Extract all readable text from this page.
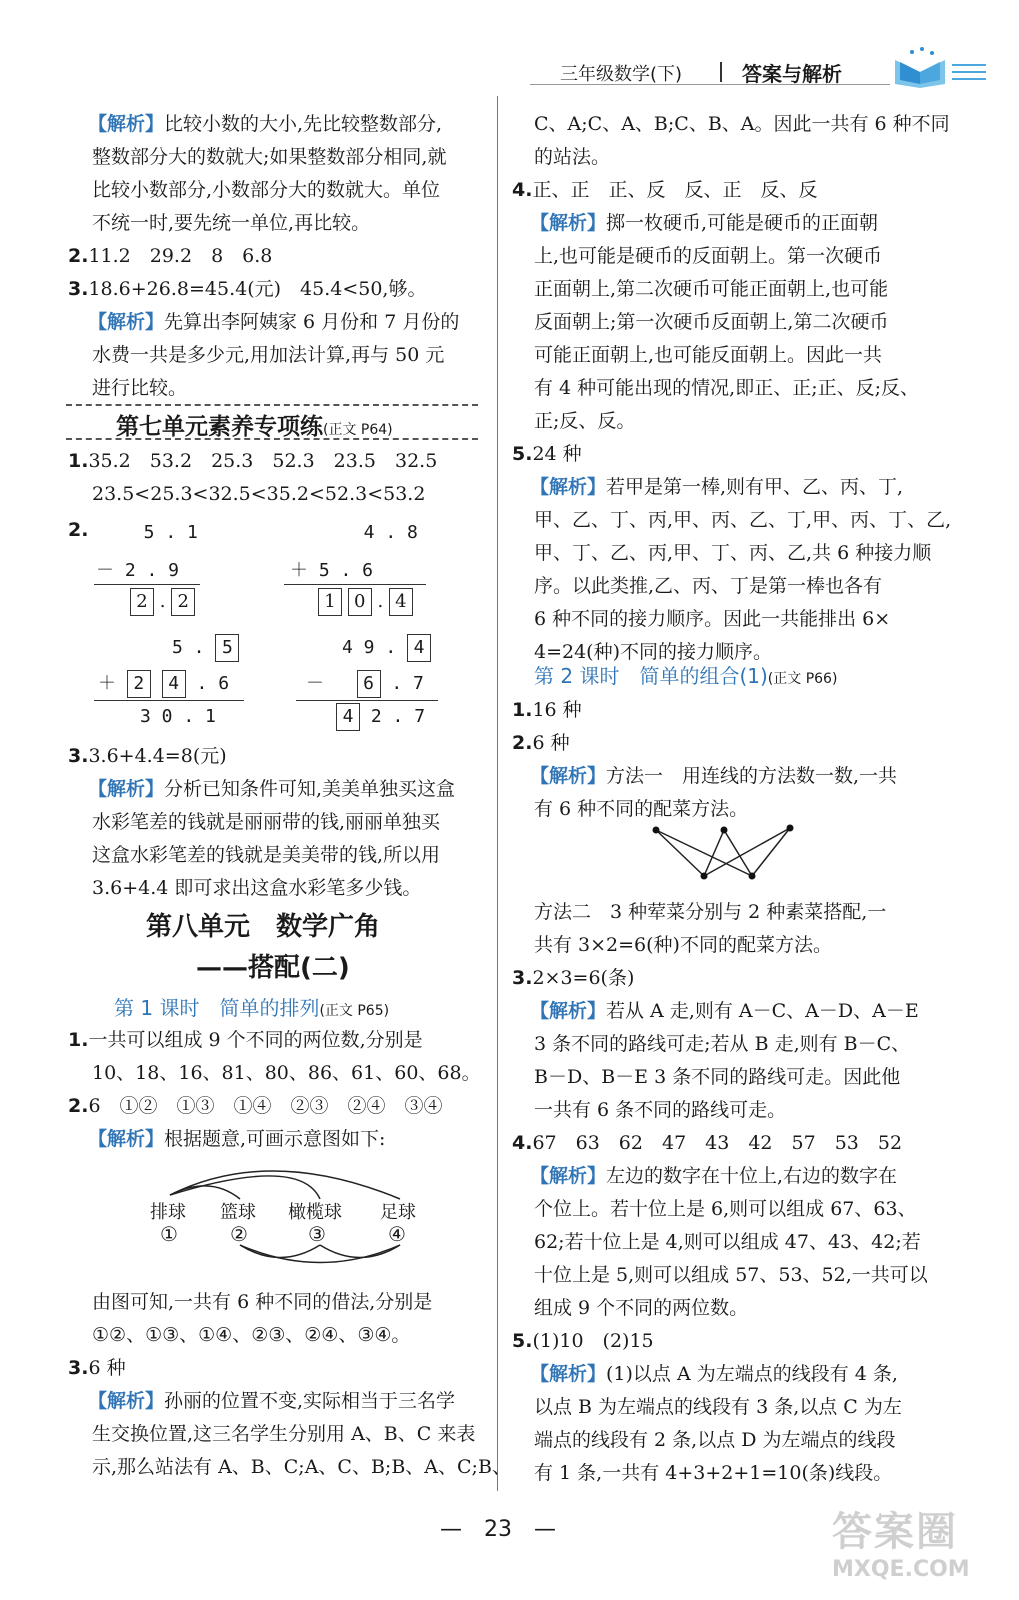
三年级数学(下)	答案与解析
【解析】比较小数的大小,先比较整数部分,
整数部分大的数就大;如果整数部分相同,就
比较小数部分,小数部分大的数就大。单位
不统一时,要先统一单位,再比较。
2.11.2　29.2　8　6.8
3.18.6+26.8=45.4(元)　45.4<50,够。
【解析】先算出李阿姨家 6 月份和 7 月份的
水费一共是多少元,用加法计算,再与 50 元
进行比较。
第七单元素养专项练(正文 P64)
1.35.2　53.2　25.3　52.3　23.5　32.5
23.5<25.3<32.5<35.2<52.3<53.2
2. 5 . 1
－ 2 . 9
2 . 2
4 . 8
＋ 5 . 6
1 0 . 4
5 . 5
＋ 2 4 . 6
3 0 . 1
4 9 . 4
－ 6 . 7
4 2 . 7
3.3.6+4.4=8(元)
【解析】分析已知条件可知,美美单独买这盒
水彩笔差的钱就是丽丽带的钱,丽丽单独买
这盒水彩笔差的钱就是美美带的钱,所以用
3.6+4.4 即可求出这盒水彩笔多少钱。
第八单元　数学广角
——搭配(二)
第 1 课时　简单的排列(正文 P65)
1.一共可以组成 9 个不同的两位数,分别是
10、18、16、81、80、86、61、60、68。
2.6　①②　①③　①④　②③　②④　③④
【解析】根据题意,可画示意图如下:
排球 篮球 橄榄球 足球
①	②	③	④
由图可知,一共有 6 种不同的借法,分别是
①②、①③、①④、②③、②④、③④。
3.6 种
【解析】孙丽的位置不变,实际相当于三名学
生交换位置,这三名学生分别用 A、B、C 来表
示,那么站法有 A、B、C;A、C、B;B、A、C;B、
C、A;C、A、B;C、B、A。因此一共有 6 种不同
的站法。
4.正、正　正、反　反、正　反、反
【解析】掷一枚硬币,可能是硬币的正面朝
上,也可能是硬币的反面朝上。第一次硬币
正面朝上,第二次硬币可能正面朝上,也可能
反面朝上;第一次硬币反面朝上,第二次硬币
可能正面朝上,也可能反面朝上。因此一共
有 4 种可能出现的情况,即正、正;正、反;反、
正;反、反。
5.24 种
【解析】若甲是第一棒,则有甲、乙、丙、丁,
甲、乙、丁、丙,甲、丙、乙、丁,甲、丙、丁、乙,
甲、丁、乙、丙,甲、丁、丙、乙,共 6 种接力顺
序。以此类推,乙、丙、丁是第一棒也各有
6 种不同的接力顺序。因此一共能排出 6×
4=24(种)不同的接力顺序。
第 2 课时　简单的组合(1)(正文 P66)
1.16 种
2.6 种
【解析】方法一　用连线的方法数一数,一共
有 6 种不同的配菜方法。
方法二　3 种荤菜分别与 2 种素菜搭配,一
共有 3×2=6(种)不同的配菜方法。
3.2×3=6(条)
【解析】若从 A 走,则有 A－C、A－D、A－E
3 条不同的路线可走;若从 B 走,则有 B－C、
B－D、B－E 3 条不同的路线可走。因此他
一共有 6 条不同的路线可走。
4.67　63　62　47　43　42　57　53　52
【解析】左边的数字在十位上,右边的数字在
个位上。若十位上是 6,则可以组成 67、63、
62;若十位上是 4,则可以组成 47、43、42;若
十位上是 5,则可以组成 57、53、52,一共可以
组成 9 个不同的两位数。
5.(1)10　(2)15
【解析】(1)以点 A 为左端点的线段有 4 条,
以点 B 为左端点的线段有 3 条,以点 C 为左
端点的线段有 2 条,以点 D 为左端点的线段
有 1 条,一共有 4+3+2+1=10(条)线段。
—　23　—	答案圈
MXQE.COM
